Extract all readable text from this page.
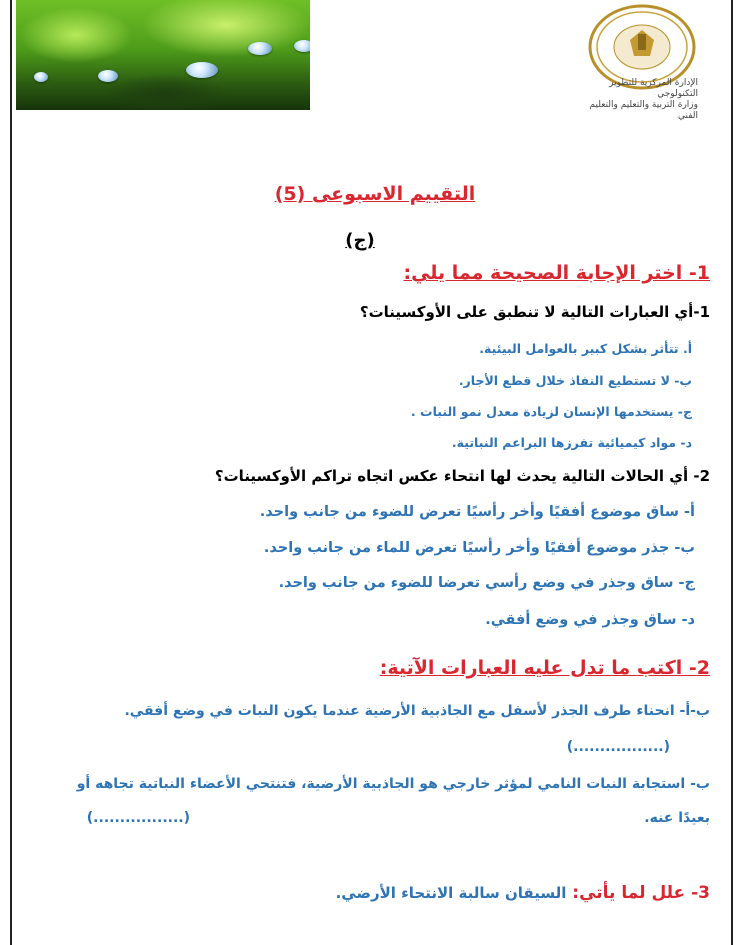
الإدارة المركزية للتطوير التكنولوجي
وزارة التربية والتعليم والتعليم الفني
التقييم الاسبوعى (5)
(ج)
1- اختر الإجابة الصحيحة مما يلي:
1-أي العبارات التالية لا تنطبق على الأوكسينات؟
أ. تتأثر بشكل كبير بالعوامل البيئية.
ب- لا تستطيع النفاذ خلال قطع الأجار.
ج- يستخدمها الإنسان لزيادة معدل نمو النبات .
د- مواد كيميائية تفرزها البراعم النباتية.
2- أي الحالات التالية يحدث لها انتحاء عكس اتجاه تراكم الأوكسينات؟
أ- ساق موضوع أفقيًا وأخر رأسيًا تعرض للضوء من جانب واحد.
ب- جذر موضوع أفقيًا وأخر رأسيًا تعرض للماء من جانب واحد.
ج- ساق وجذر في وضع رأسي تعرضا للضوء من جانب واحد.
د- ساق وجذر في وضع أفقي.
2- اكتب ما تدل عليه العبارات الآتية:
ب-أ- انحناء طرف الجذر لأسفل مع الجاذبية الأرضية عندما يكون النبات في وضع أفقي.
(.................)
ب- استجابة النبات النامي لمؤثر خارجي هو الجاذبية الأرضية، فتنتحي الأعضاء النباتية تجاهه أو
بعيدًا عنه.
(.................)
3- علل لما يأتي: السيقان سالبة الانتحاء الأرضي.
